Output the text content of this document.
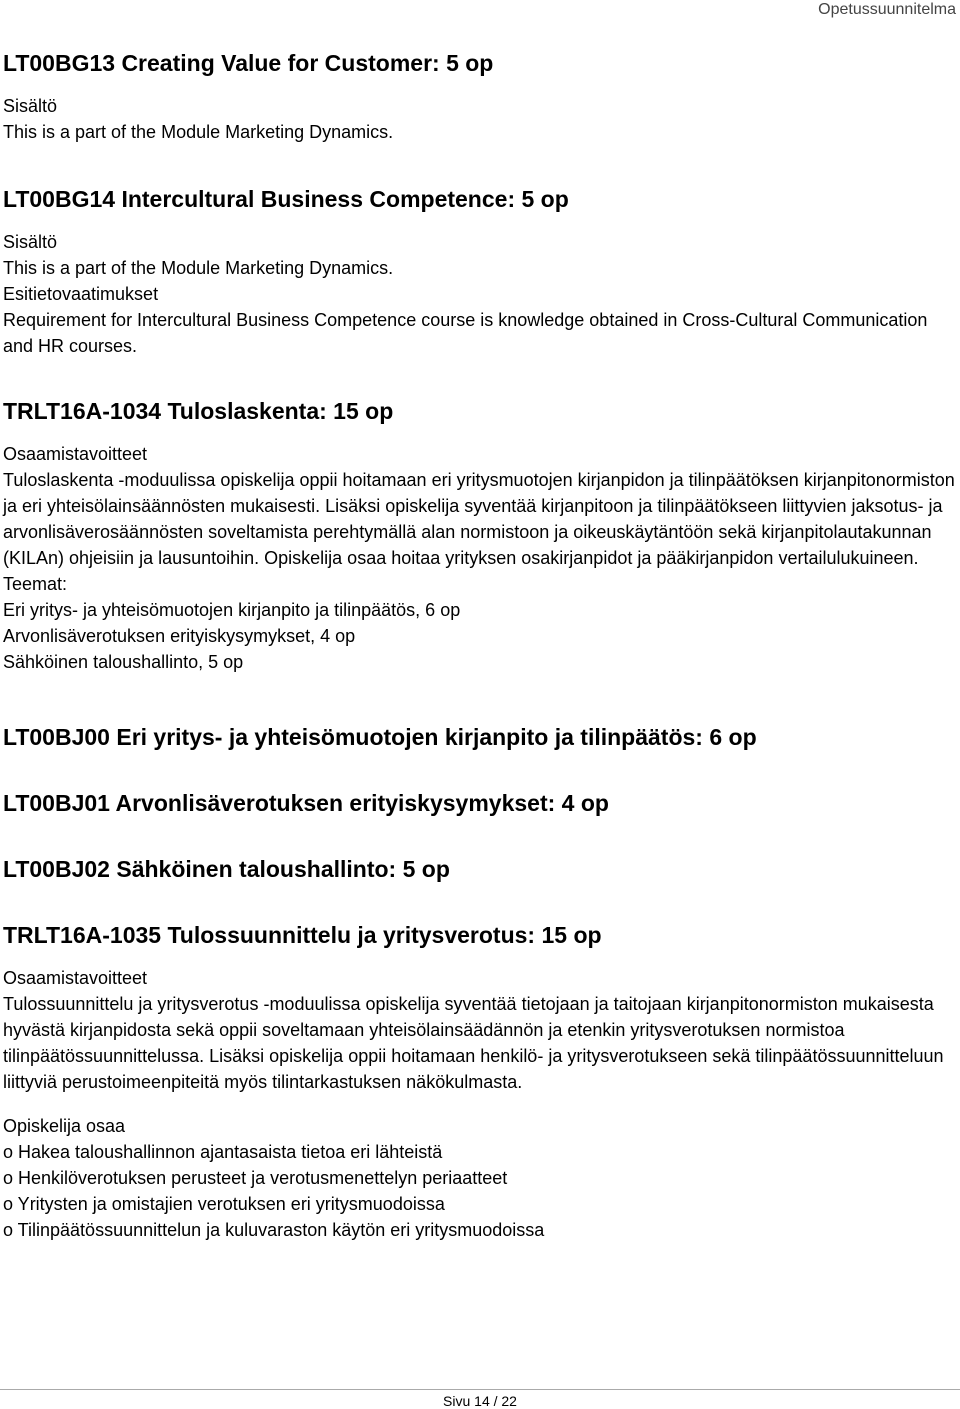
Opetussuunnitelma
LT00BG13 Creating Value for Customer: 5 op
Sisältö
This is a part of the Module Marketing Dynamics.
LT00BG14 Intercultural Business Competence: 5 op
Sisältö
This is a part of the Module Marketing Dynamics.
Esitietovaatimukset
Requirement for Intercultural Business Competence course is knowledge obtained in Cross-Cultural Communication and HR courses.
TRLT16A-1034 Tuloslaskenta: 15 op
Osaamistavoitteet
Tuloslaskenta -moduulissa opiskelija oppii hoitamaan eri yritysmuotojen kirjanpidon ja tilinpäätöksen kirjanpitonormiston ja eri yhteisölainsäännösten mukaisesti. Lisäksi opiskelija syventää kirjanpitoon ja tilinpäätökseen liittyvien jaksotus- ja arvonlisäverosäännösten soveltamista perehtymällä alan normistoon ja oikeuskäytäntöön sekä kirjanpitolautakunnan (KILAn) ohjeisiin ja lausuntoihin. Opiskelija osaa hoitaa yrityksen osakirjanpidot ja pääkirjanpidon vertailulukuineen.
Teemat:
Eri yritys- ja yhteisömuotojen kirjanpito ja tilinpäätös, 6 op
Arvonlisäverotuksen erityiskysymykset, 4 op
Sähköinen taloushallinto, 5 op
LT00BJ00 Eri yritys- ja yhteisömuotojen kirjanpito ja tilinpäätös: 6 op
LT00BJ01 Arvonlisäverotuksen erityiskysymykset: 4 op
LT00BJ02 Sähköinen taloushallinto: 5 op
TRLT16A-1035 Tulossuunnittelu ja yritysverotus: 15 op
Osaamistavoitteet
Tulossuunnittelu ja yritysverotus -moduulissa opiskelija syventää tietojaan ja taitojaan kirjanpitonormiston mukaisesta hyvästä kirjanpidosta sekä oppii soveltamaan yhteisölainsäädännön ja etenkin yritysverotuksen normistoa tilinpäätössuunnittelussa. Lisäksi opiskelija oppii hoitamaan henkilö- ja yritysverotukseen sekä tilinpäätössuunnitteluun liittyviä perustoimeenpiteitä myös tilintarkastuksen näkökulmasta.
Opiskelija osaa
o Hakea taloushallinnon ajantasaista tietoa eri lähteistä
o Henkilöverotuksen perusteet ja verotusmenettelyn periaatteet
o Yritysten ja omistajien verotuksen eri yritysmuodoissa
o Tilinpäätössuunnittelun ja kuluvaraston käytön eri yritysmuodoissa
Sivu 14 / 22
